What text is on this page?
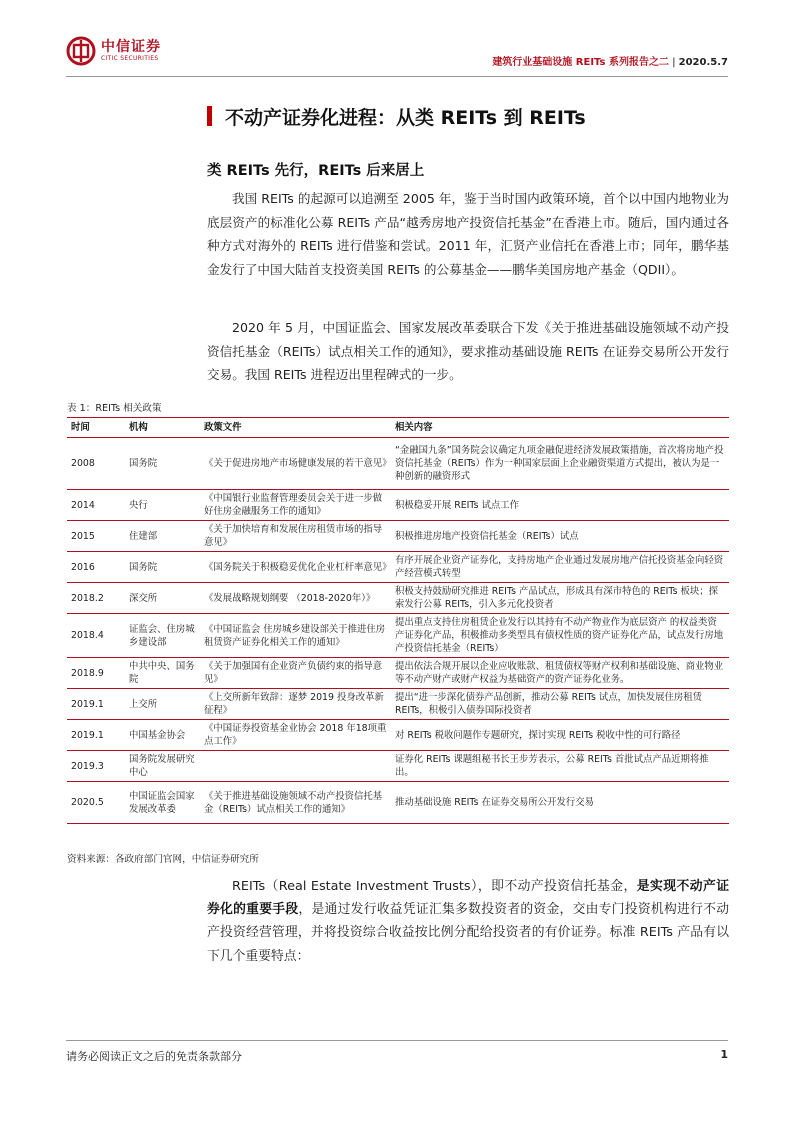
中信证券
CITIC SECURITIES	建筑行业基础设施 REITs 系列报告之二 | 2020.5.7
不动产证券化进程：从类 REITs 到 REITs
类 REITs 先行，REITs 后来居上
我国 REITs 的起源可以追溯至 2005 年，鉴于当时国内政策环境，首个以中国内地物业为底层资产的标准化公募 REITs 产品“越秀房地产投资信托基金”在香港上市。随后，国内通过各种方式对海外的 REITs 进行借鉴和尝试。2011 年，汇贤产业信托在香港上市；同年，鹏华基金发行了中国大陆首支投资美国 REITs 的公募基金——鹏华美国房地产基金（QDII）。
2020 年 5 月，中国证监会、国家发展改革委联合下发《关于推进基础设施领域不动产投资信托基金（REITs）试点相关工作的通知》，要求推动基础设施 REITs 在证券交易所公开发行交易。我国 REITs 进程迈出里程碑式的一步。
表 1：REITs 相关政策
时间	机构	政策文件	相关内容
2008	国务院	《关于促进房地产市场健康发展的若干意见》	“金融国九条”国务院会议确定九项金融促进经济发展政策措施，首次将房地产投资信托基金（REITs）作为一种国家层面上企业融资渠道方式提出，被认为是一种创新的融资形式
2014	央行	《中国银行业监督管理委员会关于进一步做好住房金融服务工作的通知》	积极稳妥开展 REITs 试点工作
2015	住建部	《关于加快培育和发展住房租赁市场的指导意见》	积极推进房地产投资信托基金（REITs）试点
2016	国务院	《国务院关于积极稳妥优化企业杠杆率意见》	有序开展企业资产证券化，支持房地产企业通过发展房地产信托投资基金向轻资产经营模式转型
2018.2	深交所	《发展战略规划纲要 （2018-2020年）》	积极支持鼓励研究推进 REITs 产品试点，形成具有深市特色的 REITs 板块；探索发行公募 REITs，引入多元化投资者
2018.4	证监会、住房城乡建设部	《中国证监会 住房城乡建设部关于推进住房租赁资产证券化相关工作的通知》	提出重点支持住房租赁企业发行以其持有不动产物业作为底层资产 的权益类资产证券化产品，积极推动多类型具有债权性质的资产证券化产品，试点发行房地产投资信托基金（REITs）
2018.9	中共中央、国务院	《关于加强国有企业资产负债约束的指导意见》	提出依法合规开展以企业应收账款、租赁债权等财产权利和基础设施、商业物业等不动产财产或财产权益为基础资产的资产证券化业务。
2019.1	上交所	《上交所新年致辞：逐梦 2019 投身改革新征程》	提出“进一步深化债券产品创新，推动公募 REITs 试点，加快发展住房租赁 REITs，积极引入债券国际投资者
2019.1	中国基金协会	《中国证券投资基金业协会 2018 年18项重点工作》	对 REITs 税收问题作专题研究，探讨实现 REITs 税收中性的可行路径
2019.3	国务院发展研究中心		证券化 REITs 课题组秘书长王步芳表示，公募 REITs 首批试点产品近期将推出。
2020.5	中国证监会国家发展改革委	《关于推进基础设施领域不动产投资信托基金（REITs）试点相关工作的通知》	推动基础设施 REITs 在证券交易所公开发行交易
资料来源：各政府部门官网，中信证券研究所
REITs（Real Estate Investment Trusts），即不动产投资信托基金，是实现不动产证券化的重要手段，是通过发行收益凭证汇集多数投资者的资金，交由专门投资机构进行不动产投资经营管理，并将投资综合收益按比例分配给投资者的有价证券。标准 REITs 产品有以下几个重要特点：
请务必阅读正文之后的免责条款部分	1
